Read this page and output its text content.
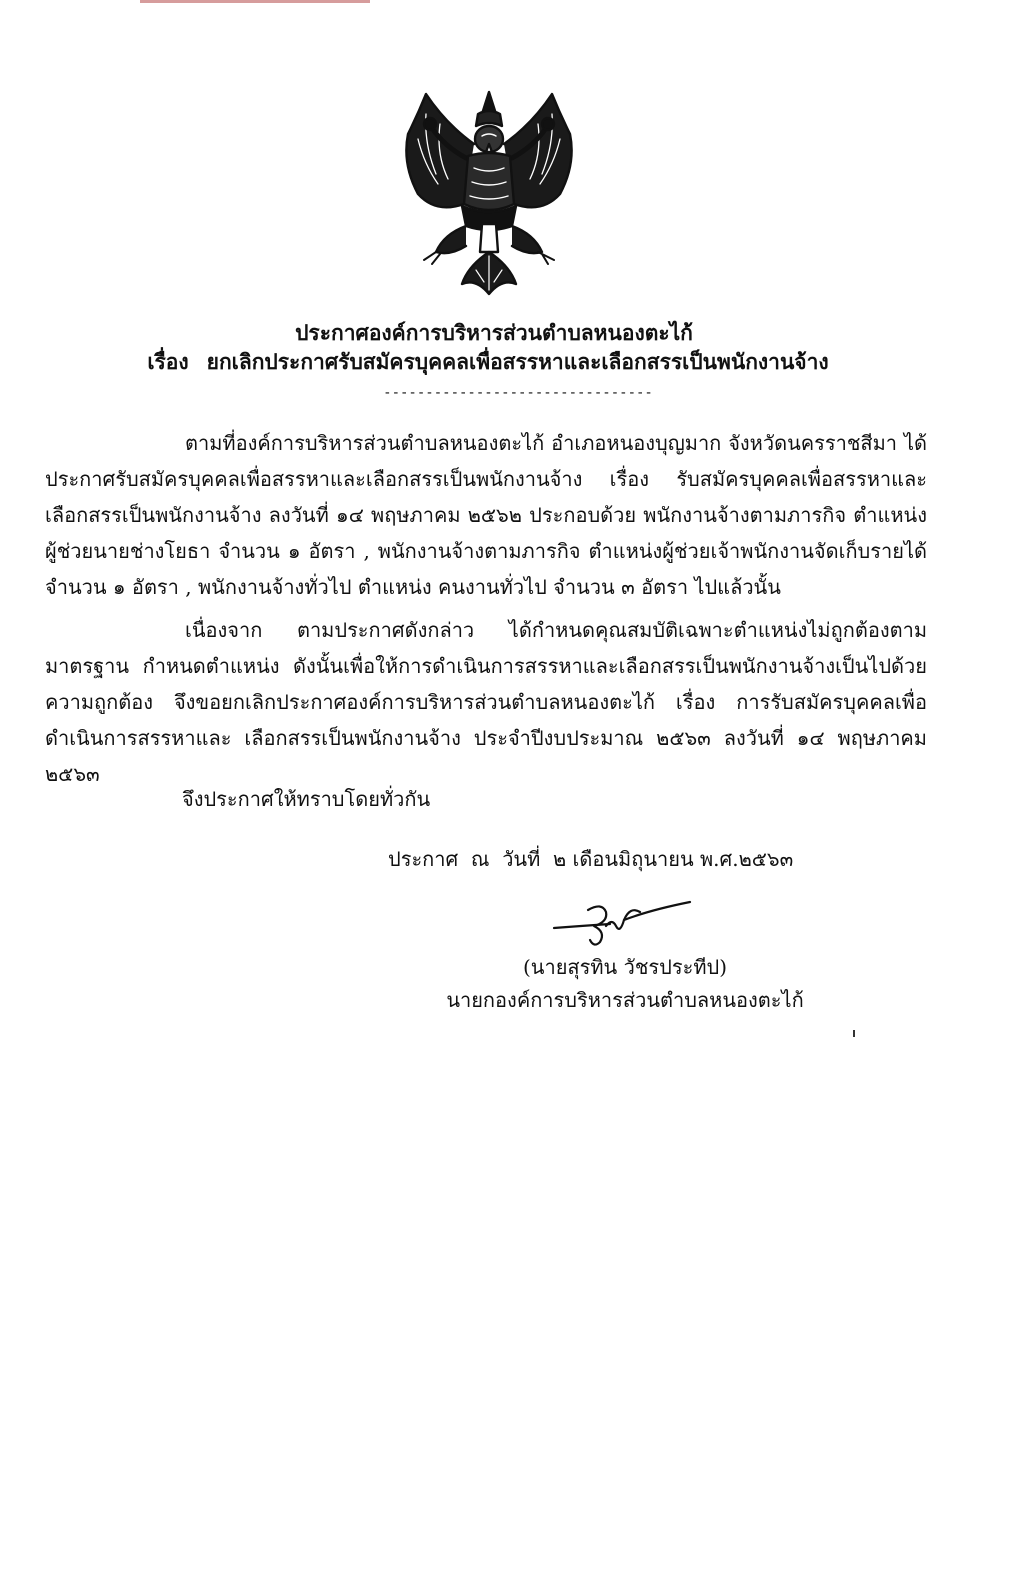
ประกาศองค์การบริหารส่วนตำบลหนองตะไก้
เรื่อง ยกเลิกประกาศรับสมัครบุคคลเพื่อสรรหาและเลือกสรรเป็นพนักงานจ้าง
--------------------------------

ตามที่องค์การบริหารส่วนตำบลหนองตะไก้ อำเภอหนองบุญมาก จังหวัดนครราชสีมา ได้ประกาศรับสมัครบุคคลเพื่อสรรหาและเลือกสรรเป็นพนักงานจ้าง เรื่อง รับสมัครบุคคลเพื่อสรรหาและเลือกสรรเป็นพนักงานจ้าง ลงวันที่ ๑๔ พฤษภาคม ๒๕๖๒ ประกอบด้วย พนักงานจ้างตามภารกิจ ตำแหน่ง ผู้ช่วยนายช่างโยธา จำนวน ๑ อัตรา , พนักงานจ้างตามภารกิจ ตำแหน่งผู้ช่วยเจ้าพนักงานจัดเก็บรายได้ จำนวน ๑ อัตรา , พนักงานจ้างทั่วไป ตำแหน่ง คนงานทั่วไป จำนวน ๓ อัตรา ไปแล้วนั้น

เนื่องจาก ตามประกาศดังกล่าว ได้กำหนดคุณสมบัติเฉพาะตำแหน่งไม่ถูกต้องตามมาตรฐาน กำหนดตำแหน่ง ดังนั้นเพื่อให้การดำเนินการสรรหาและเลือกสรรเป็นพนักงานจ้างเป็นไปด้วยความถูกต้อง จึงขอยกเลิกประกาศองค์การบริหารส่วนตำบลหนองตะไก้ เรื่อง การรับสมัครบุคคลเพื่อดำเนินการสรรหาและ เลือกสรรเป็นพนักงานจ้าง ประจำปีงบประมาณ ๒๕๖๓ ลงวันที่ ๑๔ พฤษภาคม ๒๕๖๓

จึงประกาศให้ทราบโดยทั่วกัน
ประกาศ  ณ  วันที่  ๒ เดือนมิถุนายน พ.ศ.๒๕๖๓
(นายสุรทิน วัชรประทีป)
นายกองค์การบริหารส่วนตำบลหนองตะไก้
